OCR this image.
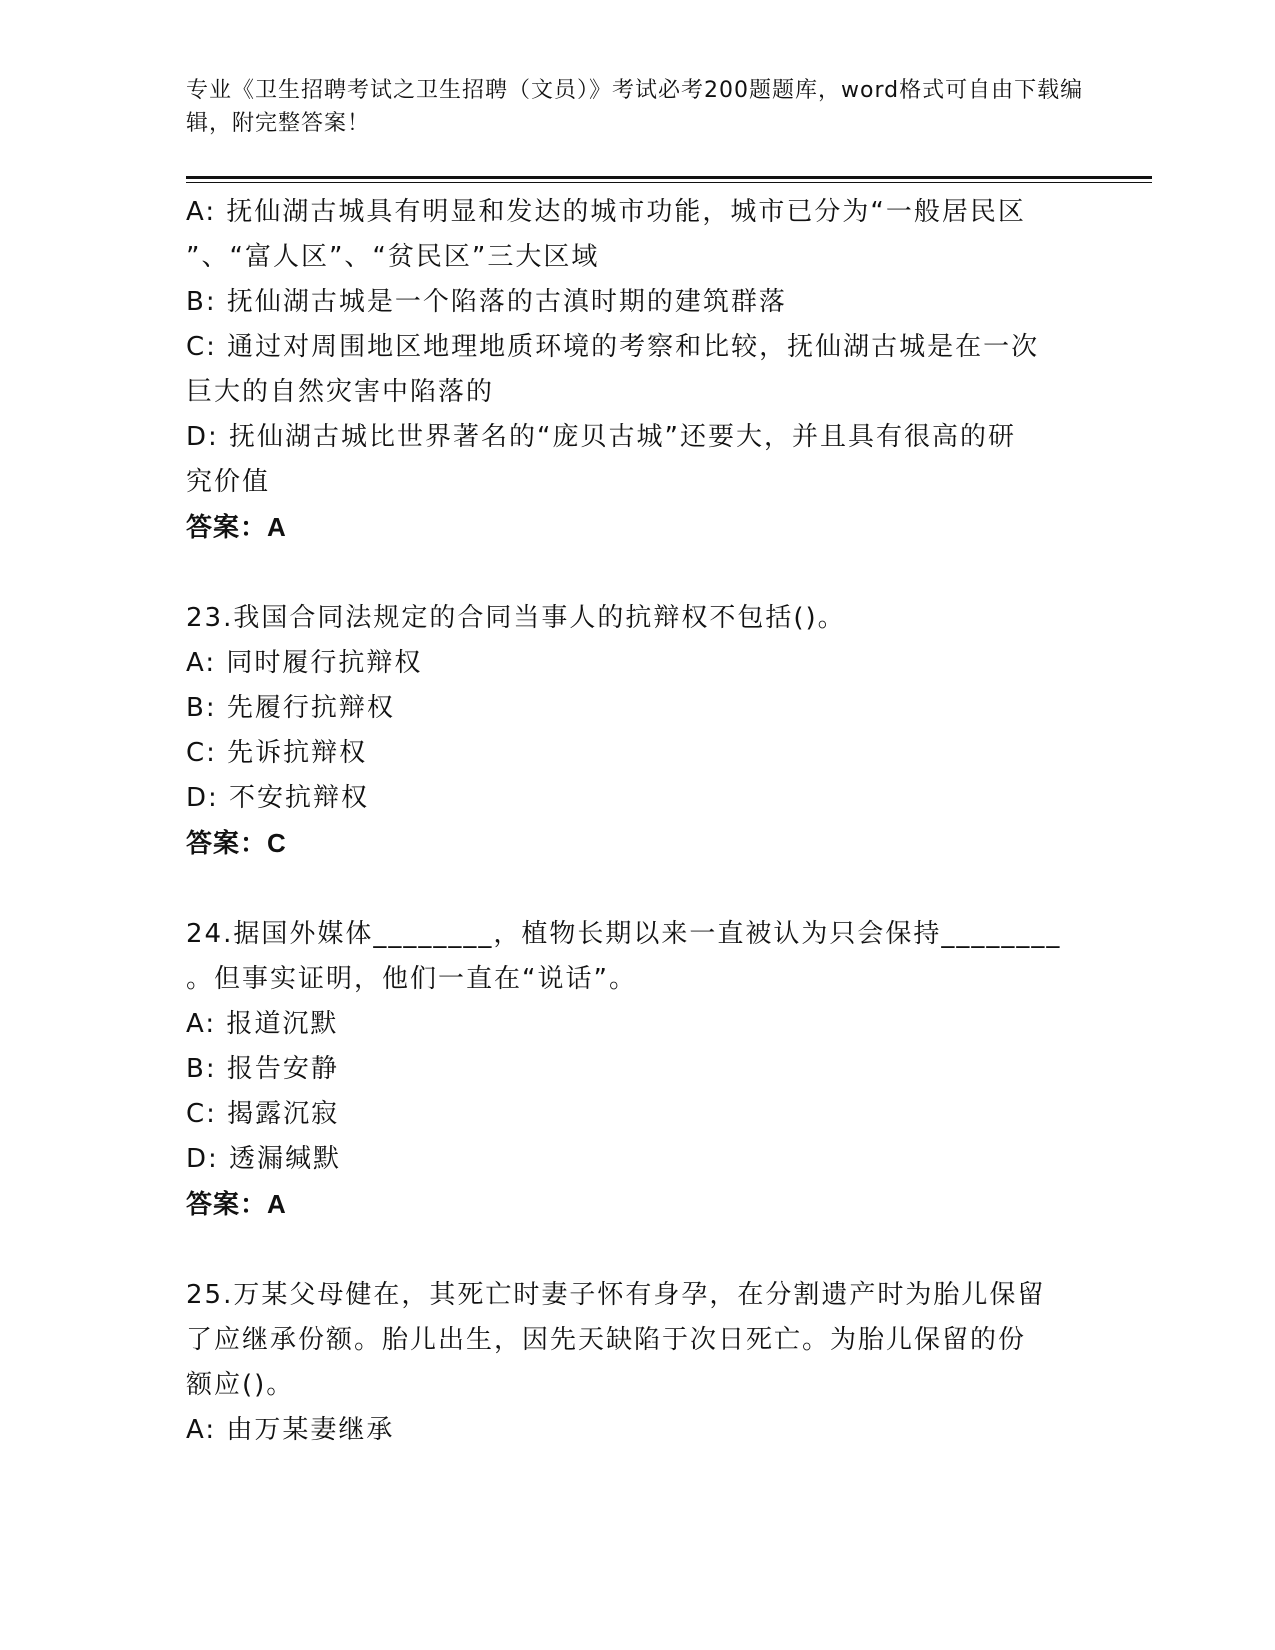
专业《卫生招聘考试之卫生招聘（文员）》考试必考200题题库，word格式可自由下载编辑，附完整答案！
A: 抚仙湖古城具有明显和发达的城市功能，城市已分为“一般居民区
”、“富人区”、“贫民区”三大区域
B: 抚仙湖古城是一个陷落的古滇时期的建筑群落
C: 通过对周围地区地理地质环境的考察和比较，抚仙湖古城是在一次
巨大的自然灾害中陷落的
D: 抚仙湖古城比世界著名的“庞贝古城”还要大，并且具有很高的研
究价值
答案：A
23.我国合同法规定的合同当事人的抗辩权不包括()。
A: 同时履行抗辩权
B: 先履行抗辩权
C: 先诉抗辩权
D: 不安抗辩权
答案：C
24.据国外媒体________，植物长期以来一直被认为只会保持________
。但事实证明，他们一直在“说话”。
A: 报道沉默
B: 报告安静
C: 揭露沉寂
D: 透漏缄默
答案：A
25.万某父母健在，其死亡时妻子怀有身孕，在分割遗产时为胎儿保留
了应继承份额。胎儿出生，因先天缺陷于次日死亡。为胎儿保留的份
额应()。
A: 由万某妻继承
